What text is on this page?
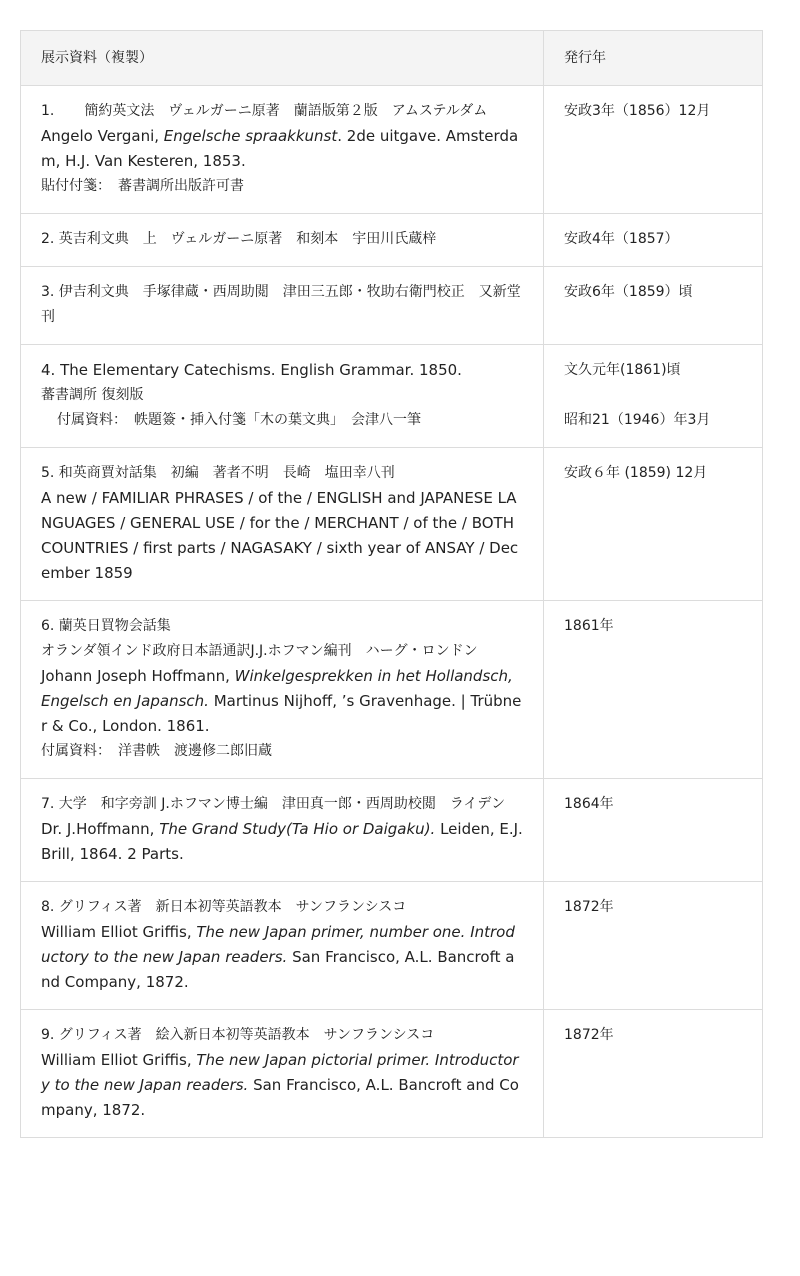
展示資料（複製）	発行年

1. 簡約英文法　ヴェルガーニ原著　蘭語版第２版　アムステルダム
Angelo Vergani, Engelsche spraakkunst. 2de uitgave. Amsterdam, H.J. Van Kesteren, 1853.
貼付付箋：　蕃書調所出版許可書	安政3年（1856）12月
2. 英吉利文典　上　ヴェルガーニ原著　和刻本　宇田川氏蔵梓	安政4年（1857）
3. 伊吉利文典　手塚律蔵・西周助閲　津田三五郎・牧助右衛門校正　又新堂刊	安政6年（1859）頃

4. The Elementary Catechisms. English Grammar. 1850.
蕃書調所 復刻版
付属資料：　帙題簽・挿入付箋「木の葉文典」　会津八一筆	文久元年(1861)頃
昭和21（1946）年3月

5. 和英商賈対話集　初編　著者不明　長崎　塩田幸八刊
A new / FAMILIAR PHRASES / of the / ENGLISH and JAPANESE LANGUAGES / GENERAL USE / for the / MERCHANT / of the / BOTH COUNTRIES / first parts / NAGASAKY / sixth year of ANSAY / December 1859	安政６年 (1859) 12月

6. 蘭英日買物会話集
オランダ領インド政府日本語通訳J.J.ホフマン編刊　ハーグ・ロンドン
Johann Joseph Hoffmann, Winkelgesprekken in het Hollandsch,
Engelsch en Japansch. Martinus Nijhoff, ’s Gravenhage. | Trübner & Co., London. 1861.
付属資料：　洋書帙　渡邊修二郎旧蔵	1861年

7. 大学　和字旁訓 J.ホフマン博士編　津田真一郎・西周助校閲　ライデン
Dr. J.Hoffmann, The Grand Study(Ta Hio or Daigaku). Leiden, E.J. Brill, 1864. 2 Parts.	1864年

8. グリフィス著　新日本初等英語教本　サンフランシスコ
William Elliot Griffis, The new Japan primer, number one. Introductory to the new Japan readers. San Francisco, A.L. Bancroft and Company, 1872.	1872年

9. グリフィス著　絵入新日本初等英語教本　サンフランシスコ
William Elliot Griffis, The new Japan pictorial primer. Introductory to the new Japan readers. San Francisco, A.L. Bancroft and Company, 1872.	1872年
